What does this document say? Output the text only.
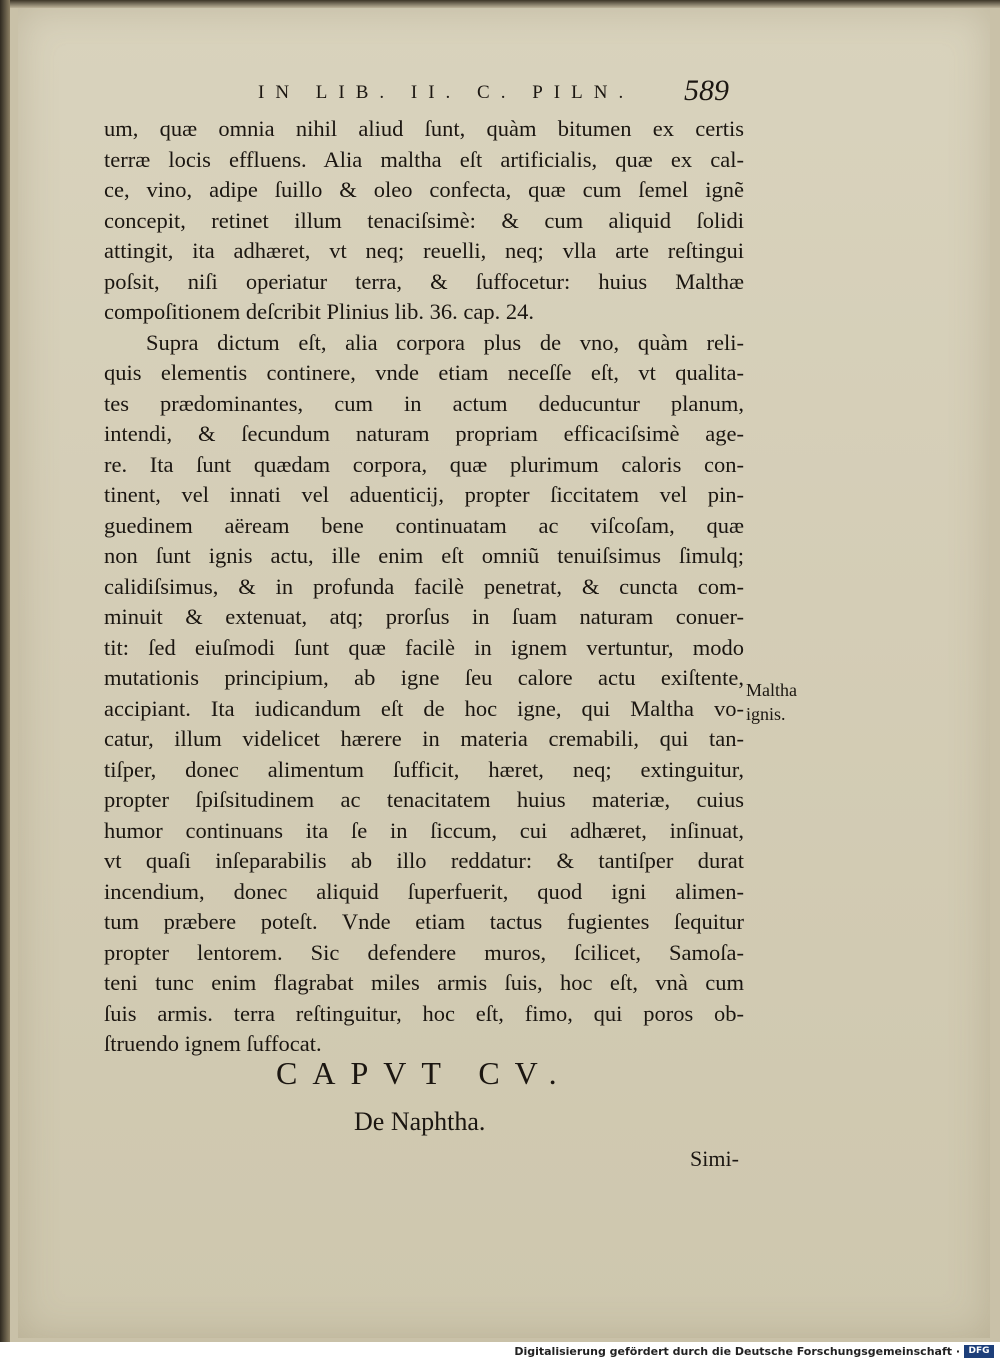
IN LIB. II. C. PILN. 589
um, quæ omnia nihil aliud ſunt, quàm bitumen ex certis
terræ locis effluens. Alia maltha eſt artificialis, quæ ex cal-
ce, vino, adipe ſuillo & oleo confecta, quæ cum ſemel ignẽ
concepit, retinet illum tenaciſsimè: & cum aliquid ſolidi
attingit, ita adhæret, vt neq; reuelli, neq; vlla arte reſtingui
poſsit, niſi operiatur terra, & ſuffocetur: huius Malthæ
compoſitionem deſcribit Plinius lib. 36. cap. 24.
Supra dictum eſt, alia corpora plus de vno, quàm reli-
quis elementis continere, vnde etiam neceſſe eſt, vt qualita-
tes prædominantes, cum in actum deducuntur planum,
intendi, & ſecundum naturam propriam efficaciſsimè age-
re. Ita ſunt quædam corpora, quæ plurimum caloris con-
tinent, vel innati vel aduenticij, propter ſiccitatem vel pin-
guedinem aëream bene continuatam ac viſcoſam, quæ
non ſunt ignis actu, ille enim eſt omniũ tenuiſsimus ſimulq;
calidiſsimus, & in profunda facilè penetrat, & cuncta com-
minuit & extenuat, atq; prorſus in ſuam naturam conuer-
tit: ſed eiuſmodi ſunt quæ facilè in ignem vertuntur, modo
mutationis principium, ab igne ſeu calore actu exiſtente,
accipiant. Ita iudicandum eſt de hoc igne, qui Maltha vo-
catur, illum videlicet hærere in materia cremabili, qui tan-
tiſper, donec alimentum ſufficit, hæret, neq; extinguitur,
propter ſpiſsitudinem ac tenacitatem huius materiæ, cuius
humor continuans ita ſe in ſiccum, cui adhæret, inſinuat,
vt quaſi inſeparabilis ab illo reddatur: & tantiſper durat
incendium, donec aliquid ſuperfuerit, quod igni alimen-
tum præbere poteſt. Vnde etiam tactus fugientes ſequitur
propter lentorem. Sic defendere muros, ſcilicet, Samoſa-
teni tunc enim flagrabat miles armis ſuis, hoc eſt, vnà cum
ſuis armis. terra reſtinguitur, hoc eſt, fimo, qui poros ob-
ſtruendo ignem ſuffocat.
Maltha
ignis.
CAPVT CV.
De Naphtha.
Simi-
Digitalisierung gefördert durch die Deutsche Forschungsgemeinschaft · DFG
